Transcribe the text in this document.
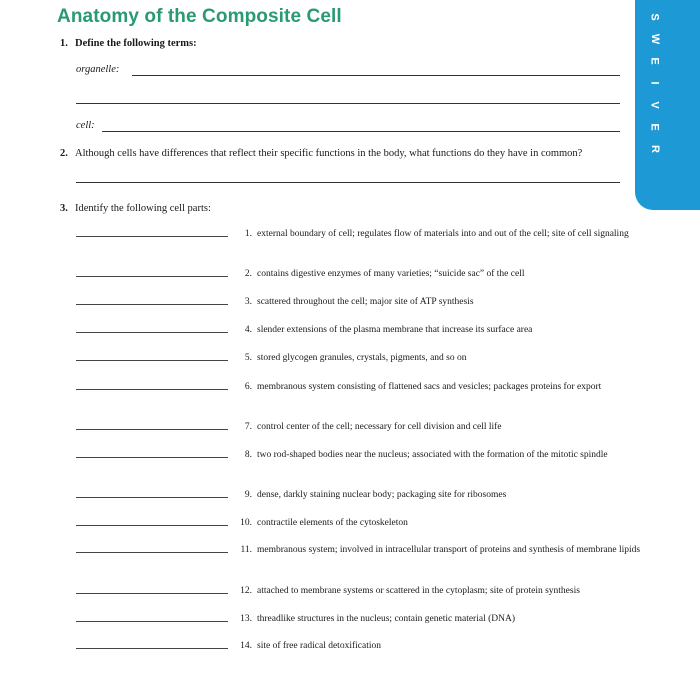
Anatomy of the Composite Cell	S
W
E
I
V
E
R
1. Define the following terms:
organelle:
cell:
2. Although cells have differences that reflect their specific functions in the body, what functions do they have in common?
3. Identify the following cell parts:
1. external boundary of cell; regulates flow of materials into and out of the cell; site of cell signaling
2. contains digestive enzymes of many varieties; “suicide sac” of the cell
3. scattered throughout the cell; major site of ATP synthesis
4. slender extensions of the plasma membrane that increase its surface area
5. stored glycogen granules, crystals, pigments, and so on
6. membranous system consisting of flattened sacs and vesicles; packages proteins for export
7. control center of the cell; necessary for cell division and cell life
8. two rod-shaped bodies near the nucleus; associated with the formation of the mitotic spindle
9. dense, darkly staining nuclear body; packaging site for ribosomes
10. contractile elements of the cytoskeleton
11. membranous system; involved in intracellular transport of proteins and synthesis of membrane lipids
12. attached to membrane systems or scattered in the cytoplasm; site of protein synthesis
13. threadlike structures in the nucleus; contain genetic material (DNA)
14. site of free radical detoxification
